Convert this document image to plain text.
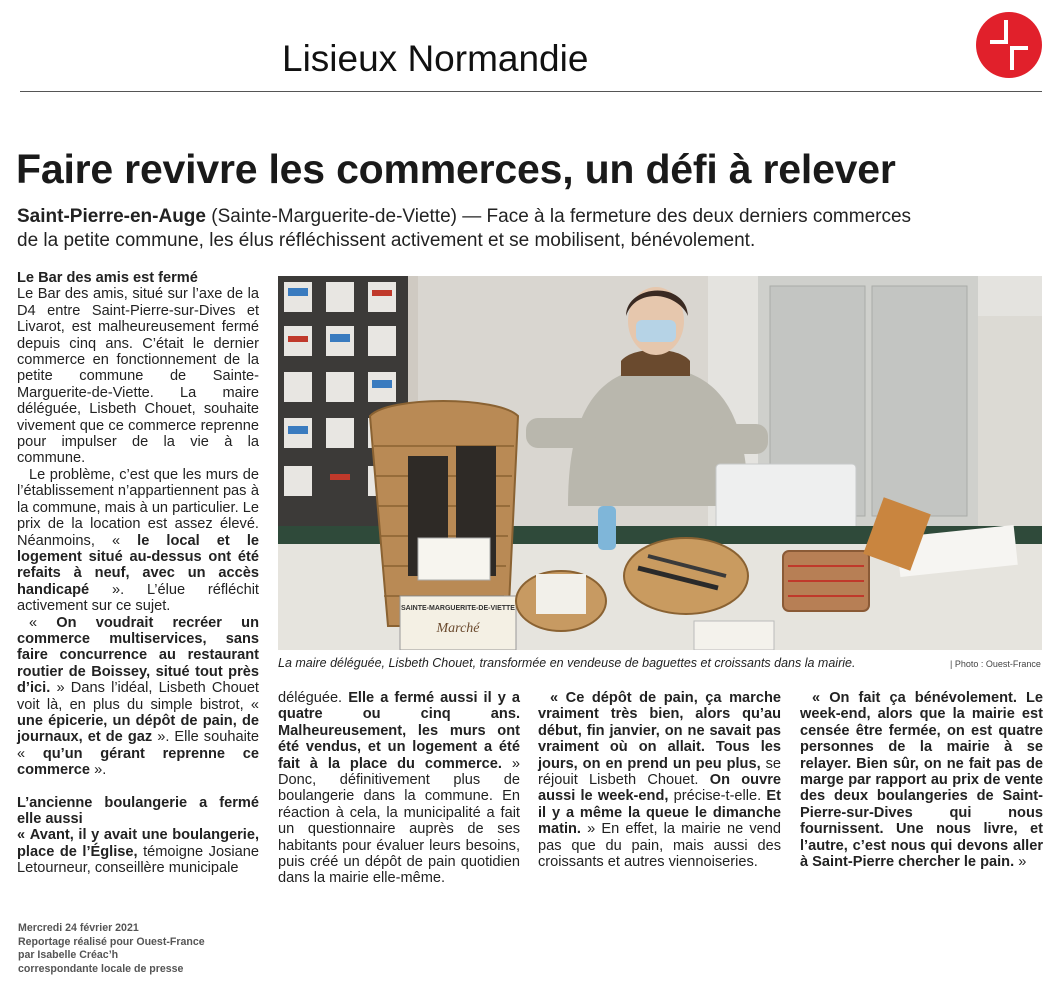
Lisieux Normandie
Faire revivre les commerces, un défi à relever
Saint-Pierre-en-Auge (Sainte-Marguerite-de-Viette) — Face à la fermeture des deux derniers commerces
de la petite commune, les élus réfléchissent activement et se mobilisent, bénévolement.
Le Bar des amis est fermé

Le Bar des amis, situé sur l’axe de la D4 entre Saint-Pierre-sur-Dives et Livarot, est malheureusement fermé depuis cinq ans. C’était le dernier commerce en fonctionnement de la petite commune de Sainte-Marguerite-de-Viette. La maire déléguée, Lisbeth Chouet, souhaite vivement que ce commerce reprenne pour impulser de la vie à la commune.

Le problème, c’est que les murs de l’établissement n’appartiennent pas à la commune, mais à un particulier. Le prix de la location est assez élevé. Néanmoins, « le local et le logement situé au-dessus ont été refaits à neuf, avec un accès handicapé ». L’élue réfléchit activement sur ce sujet.

« On voudrait recréer un commerce multiservices, sans faire concurrence au restaurant routier de Boissey, situé tout près d’ici. » Dans l’idéal, Lisbeth Chouet voit là, en plus du simple bistrot, « une épicerie, un dépôt de pain, de journaux, et de gaz ». Elle souhaite « qu’un gérant reprenne ce commerce ».

L’ancienne boulangerie a fermé elle aussi

« Avant, il y avait une boulangerie, place de l’Église, témoigne Josiane Letourneur, conseillère municipale

SAINTE-MARGUERITE-DE-VIETTE
Marché
La maire déléguée, Lisbeth Chouet, transformée en vendeuse de baguettes et croissants dans la mairie.	| Photo : Ouest-France

déléguée. Elle a fermé aussi il y a quatre ou cinq ans. Malheureusement, les murs ont été vendus, et un logement a été fait à la place du commerce. » Donc, définitivement plus de boulangerie dans la commune. En réaction à cela, la municipalité a fait un questionnaire auprès de ses habitants pour évaluer leurs besoins, puis créé un dépôt de pain quotidien dans la mairie elle-même.

« Ce dépôt de pain, ça marche vraiment très bien, alors qu’au début, fin janvier, on ne savait pas vraiment où on allait. Tous les jours, on en prend un peu plus, se réjouit Lisbeth Chouet. On ouvre aussi le week-end, précise-t-elle. Et il y a même la queue le dimanche matin. » En effet, la mairie ne vend pas que du pain, mais aussi des croissants et autres viennoiseries.

« On fait ça bénévolement. Le week-end, alors que la mairie est censée être fermée, on est quatre personnes de la mairie à se relayer. Bien sûr, on ne fait pas de marge par rapport au prix de vente des deux boulangeries de Saint-Pierre-sur-Dives qui nous fournissent. Une nous livre, et l’autre, c’est nous qui devons aller à Saint-Pierre chercher le pain. »

Mercredi 24 février 2021
Reportage réalisé pour Ouest-France
par Isabelle Créac’h
correspondante locale de presse
